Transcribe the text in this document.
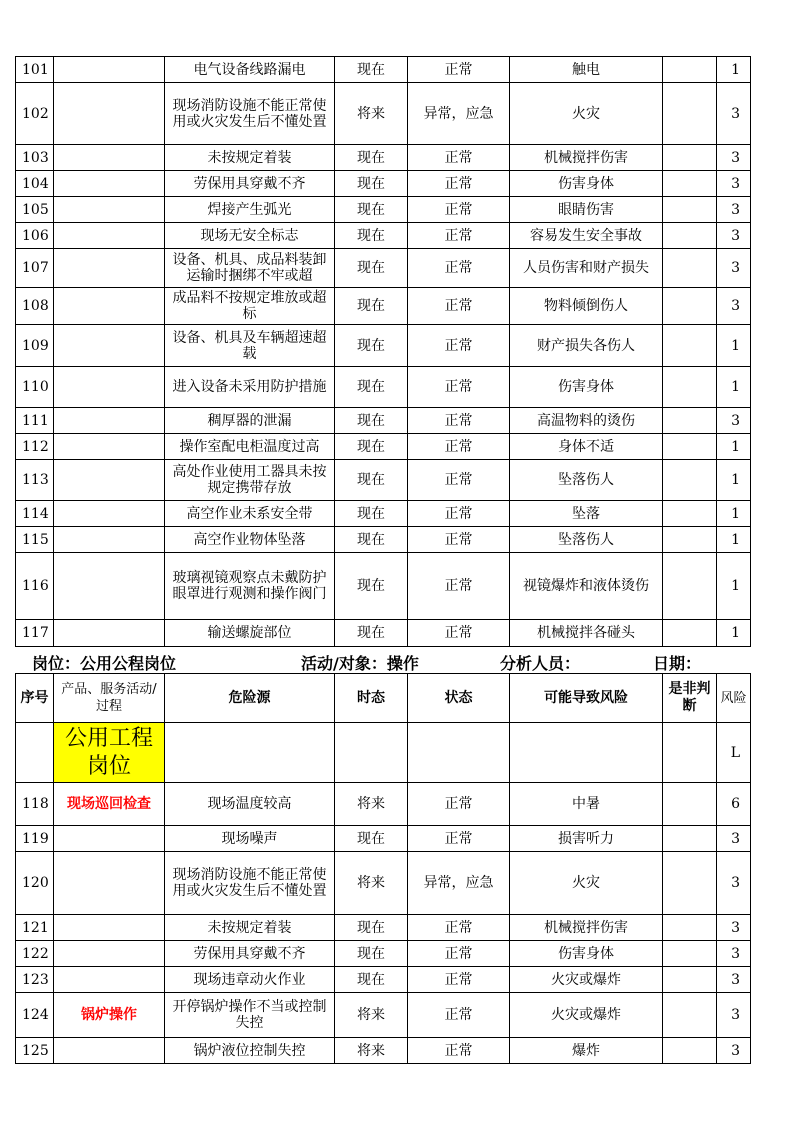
101		电气设备线路漏电	现在	正常	触电		1
102		现场消防设施不能正常使用或火灾发生后不懂处置	将来	异常，应急	火灾		3
103		未按规定着装	现在	正常	机械搅拌伤害		3
104		劳保用具穿戴不齐	现在	正常	伤害身体		3
105		焊接产生弧光	现在	正常	眼睛伤害		3
106		现场无安全标志	现在	正常	容易发生安全事故		3
107		设备、机具、成品料装卸运输时捆绑不牢或超	现在	正常	人员伤害和财产损失		3
108		成品料不按规定堆放或超标	现在	正常	物料倾倒伤人		3
109		设备、机具及车辆超速超载	现在	正常	财产损失各伤人		1
110		进入设备未采用防护措施	现在	正常	伤害身体		1
111		稠厚器的泄漏	现在	正常	高温物料的烫伤		3
112		操作室配电柜温度过高	现在	正常	身体不适		1
113		高处作业使用工器具未按规定携带存放	现在	正常	坠落伤人		1
114		高空作业未系安全带	现在	正常	坠落		1
115		高空作业物体坠落	现在	正常	坠落伤人		1
116		玻璃视镜观察点未戴防护眼罩进行观测和操作阀门	现在	正常	视镜爆炸和液体烫伤		1
117		输送螺旋部位	现在	正常	机械搅拌各碰头		1
岗位：公用公程岗位	活动/对象：操作	分析人员：	日期：
序号	产品、服务活动/过程	危险源	时态	状态	可能导致风险	是非判断	风险
	公用工程岗位						L
118	现场巡回检查	现场温度较高	将来	正常	中暑		6
119		现场噪声	现在	正常	损害听力		3
120		现场消防设施不能正常使用或火灾发生后不懂处置	将来	异常，应急	火灾		3
121		未按规定着装	现在	正常	机械搅拌伤害		3
122		劳保用具穿戴不齐	现在	正常	伤害身体		3
123		现场违章动火作业	现在	正常	火灾或爆炸		3
124	锅炉操作	开停锅炉操作不当或控制失控	将来	正常	火灾或爆炸		3
125		锅炉液位控制失控	将来	正常	爆炸		3
